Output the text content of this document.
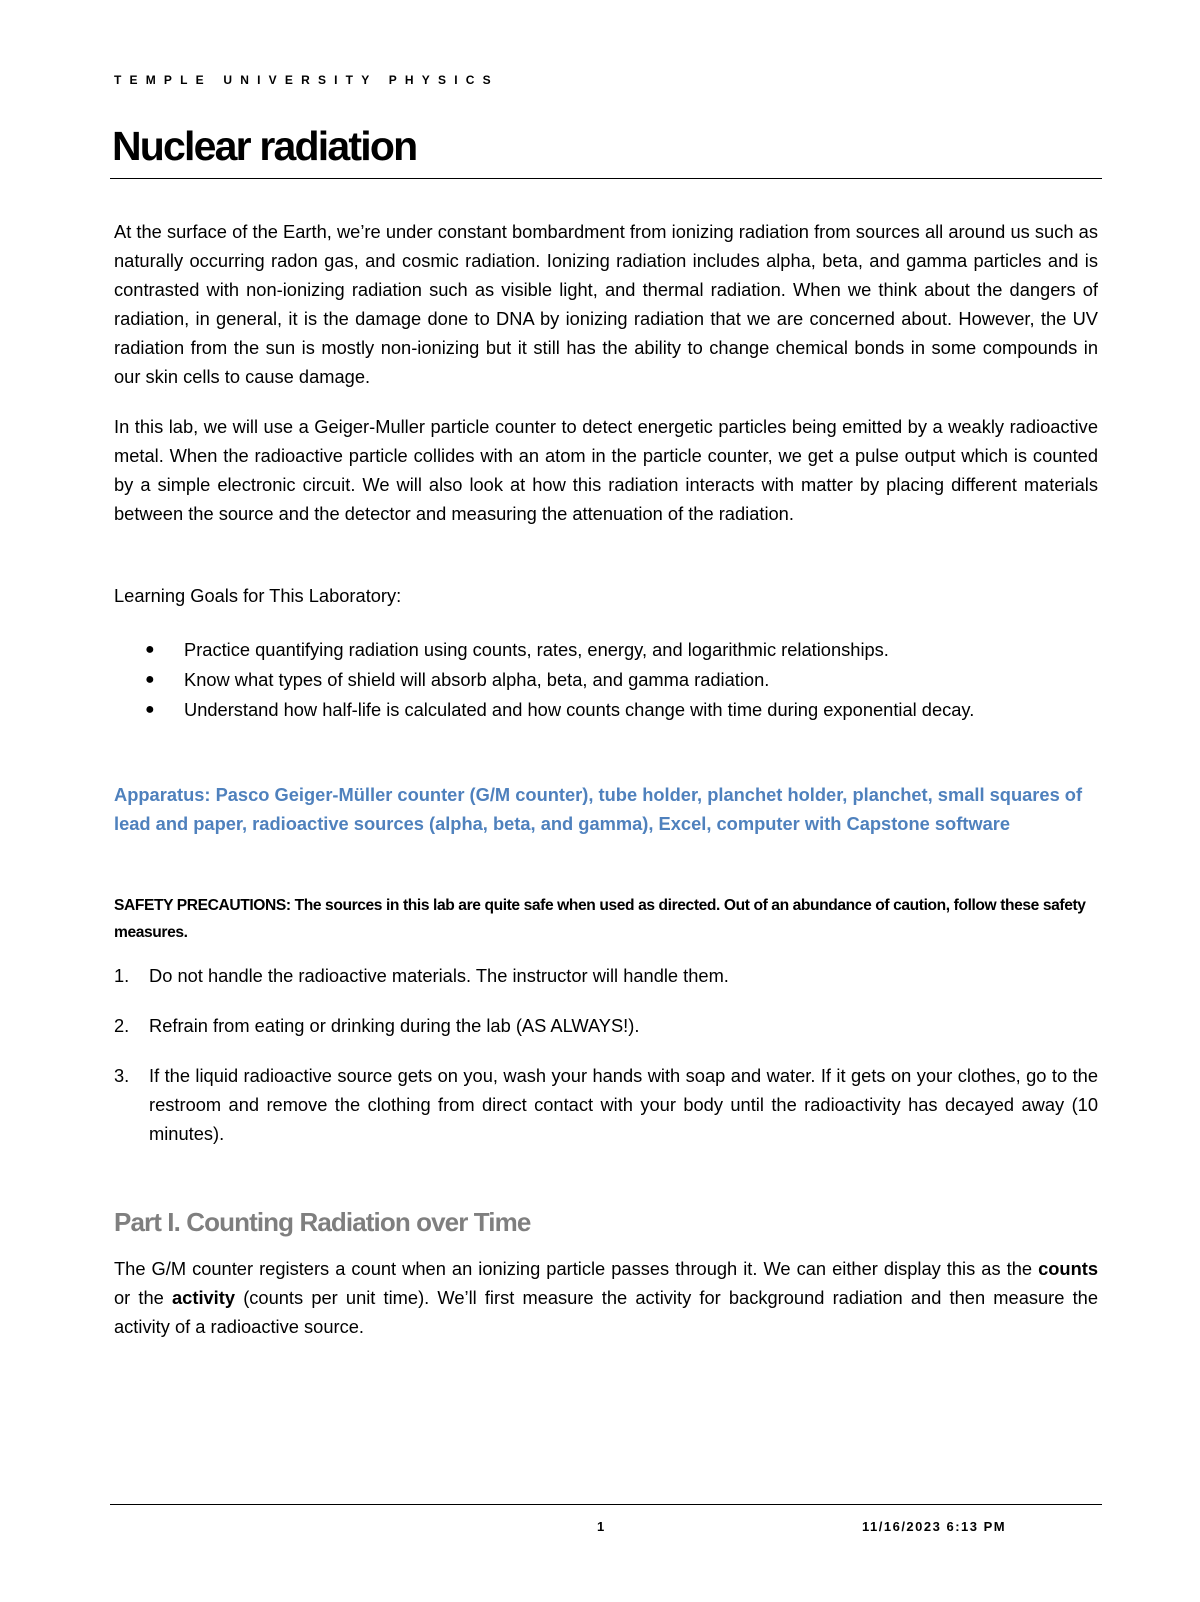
TEMPLE UNIVERSITY PHYSICS
Nuclear radiation

At the surface of the Earth, we’re under constant bombardment from ionizing radiation from sources all around us such as naturally occurring radon gas, and cosmic radiation. Ionizing radiation includes alpha, beta, and gamma particles and is contrasted with non-ionizing radiation such as visible light, and thermal radiation. When we think about the dangers of radiation, in general, it is the damage done to DNA by ionizing radiation that we are concerned about. However, the UV radiation from the sun is mostly non-ionizing but it still has the ability to change chemical bonds in some compounds in our skin cells to cause damage.

In this lab, we will use a Geiger-Muller particle counter to detect energetic particles being emitted by a weakly radioactive metal. When the radioactive particle collides with an atom in the particle counter, we get a pulse output which is counted by a simple electronic circuit. We will also look at how this radiation interacts with matter by placing different materials between the source and the detector and measuring the attenuation of the radiation.

Learning Goals for This Laboratory:
● Practice quantifying radiation using counts, rates, energy, and logarithmic relationships.
● Know what types of shield will absorb alpha, beta, and gamma radiation.
● Understand how half-life is calculated and how counts change with time during exponential decay.
Apparatus: Pasco Geiger-Müller counter (G/M counter), tube holder, planchet holder, planchet, small squares of lead and paper, radioactive sources (alpha, beta, and gamma), Excel, computer with Capstone software
SAFETY PRECAUTIONS: The sources in this lab are quite safe when used as directed. Out of an abundance of caution, follow these safety measures.
1. Do not handle the radioactive materials. The instructor will handle them.
2. Refrain from eating or drinking during the lab (AS ALWAYS!).
3. If the liquid radioactive source gets on you, wash your hands with soap and water. If it gets on your clothes, go to the restroom and remove the clothing from direct contact with your body until the radioactivity has decayed away (10 minutes).
Part I. Counting Radiation over Time

The G/M counter registers a count when an ionizing particle passes through it. We can either display this as the counts or the activity (counts per unit time). We’ll first measure the activity for background radiation and then measure the activity of a radioactive source.

1	11/16/2023 6:13 PM
